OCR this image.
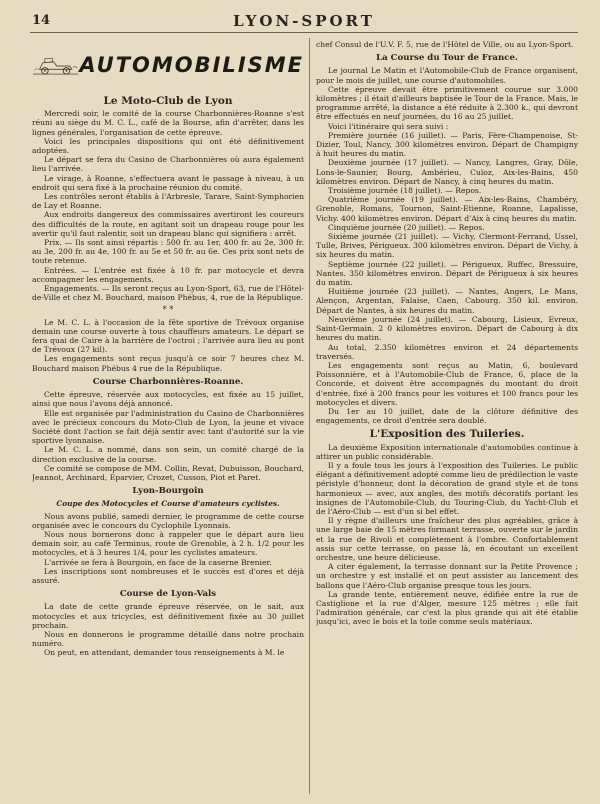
14	LYON-SPORT
AUTOMOBILISME
Le Moto-Club de Lyon

Mercredi soir, le comité de la course Charbonnières-Roanne s'est réuni au siège du M. C. L., café de la Bourse, afin d'arrêter, dans les lignes générales, l'organisation de cette épreuve.

Voici les principales dispositions qui ont été définitivement adoptées.

Le départ se fera du Casino de Charbonnières où aura également lieu l'arrivée.

Le virage, à Roanne, s'effectuera avant le passage à niveau, à un endroit qui sera fixé à la prochaine réunion du comité.

Les contrôles seront établis à l'Arbresle, Tarare, Saint-Symphorien de Lay et Roanne.

Aux endroits dangereux des commissaires avertiront les coureurs des difficultés de la route, en agitant soit un drapeau rouge pour les avertir qu'il faut ralentir, soit un drapeau blanc qui signifiera : arrêt.

Prix. — Ils sont ainsi répartis : 500 fr. au 1er, 400 fr. au 2e, 300 fr. au 3e, 200 fr. au 4e, 100 fr. au 5e et 50 fr. au 6e. Ces prix sont nets de toute retenue.

Entrées. — L'entrée est fixée à 10 fr. par motocycle et devra accompagner les engagements.

Engagements. — Ils seront reçus au Lyon-Sport, 63, rue de l'Hôtel-de-Ville et chez M. Bouchard, maison Phébus, 4, rue de la République.

* *

Le M. C. L. à l'occasion de la fête sportive de Trévoux organise demain une course ouverte à tous chauffeurs amateurs. Le départ se fera quai de Caire à la barrière de l'octroi ; l'arrivée aura lieu au pont de Trévoux (27 kil).

Les engagements sont reçus jusqu'à ce soir 7 heures chez M. Bouchard maison Phébus 4 rue de la République.

Course Charbonnières-Roanne.

Cette épreuve, réservée aux motocycles, est fixée au 15 juillet, ainsi que nous l'avons déjà annoncé.

Elle est organisée par l'administration du Casino de Charbonnières avec le précieux concours du Moto-Club de Lyon, la jeune et vivace Société dont l'action se fait déjà sentir avec tant d'autorité sur la vie sportive lyonnaise.

Le M. C. L. a nommé, dans son sein, un comité chargé de la direction exclusive de la course.

Ce comité se compose de MM. Collin, Revat, Dubuisson, Bouchard, Jeannot, Archinard, Eparvier, Crozet, Cusson, Piot et Paret.

Lyon-Bourgoin

Coupe des Motocycles et Course d'amateurs cyclistes.

Nous avons publié, samedi dernier, le programme de cette course organisée avec le concours du Cyclophile Lyonnais.

Nous nous bornerons donc à rappeler que le départ aura lieu demain soir, au café Terminus, route de Grenoble, à 2 h. 1/2 pour les motocycles, et à 3 heures 1/4, pour les cyclistes amateurs.

L'arrivée se fera à Bourgoin, en face de la caserne Brenier.

Les inscriptions sont nombreuses et le succès est d'ores et déjà assuré.

Course de Lyon-Vals

La date de cette grande épreuve réservée, on le sait, aux motocycles et aux tricycles, est définitivement fixée au 30 juillet prochain.

Nous en donnerons le programme détaillé dans notre prochain numéro.

On peut, en attendant, demander tous renseignements à M. le

chef Consul de l'U.V. F. 5, rue de l'Hôtel de Ville, ou au Lyon-Sport.

La Course du Tour de France.

Le journal Le Matin et l'Automobile-Club de France organisent, pour le mois de juillet, une course d'automobiles.

Cette épreuve devait être primitivement courue sur 3.000 kilomètres ; il était d'ailleurs baptisée le Tour de la France. Mais, le programme arrêté, la distance a été réduite à 2.300 k., qui devront être effectués en neuf journées, du 16 au 25 juillet.

Voici l'itinéraire qui sera suivi :

Première journée (16 juillet). — Paris, Fère-Champenoise, St-Dizier, Toul, Nancy, 300 kilomètres environ. Départ de Champigny à huit heures du matin.

Deuxième journée (17 juillet). — Nancy, Langres, Gray, Dôle, Lons-le-Saunier, Bourg, Ambérieu, Culoz, Aix-les-Bains, 450 kilomètres environ. Départ de Nancy, à cinq heures du matin.

Troisième journée (18 juillet). — Repos.

Quatrième journée (19 juillet). — Aix-les-Bains, Chambéry, Grenoble, Romans, Tournon, Saint-Etienne, Roanne, Lapalisse, Vichy. 400 kilomètres environ. Départ d'Aix à cinq heures du matin.

Cinquième journée (20 juillet). — Repos.

Sixième journée (21 juillet). — Vichy, Clermont-Ferrand, Ussel, Tulle, Brives, Périgueux. 300 kilomètres environ. Départ de Vichy, à six heures du matin.

Septième journée (22 juillet). — Périgueux, Ruffec, Bressuire, Nantes. 350 kilomètres environ. Départ de Périgueux à six heures du matin.

Huitième journée (23 juillet). — Nantes, Angers, Le Mans, Alençon, Argentan, Falaise, Caen, Cabourg. 350 kil. environ. Départ de Nantes, à six heures du matin.

Neuvième journée (24 juillet). — Cabourg, Lisieux, Evreux, Saint-Germain. 2 0 kilomètres environ. Départ de Cabourg à dix heures du matin.

Au total, 2.350 kilomètres environ et 24 départements traversés.

Les engagements sont reçus au Matin, 6, boulevard Poissonnière, et à l'Automobile-Club de France, 6, place de la Concorde, et doivent être accompagnés du montant du droit d'entrée, fixé à 200 francs pour les voitures et 100 francs pour les motocycles et divers.

Du 1er au 10 juillet, date de la clôture définitive des engagements, ce droit d'entrée sera doublé.

L'Exposition des Tuileries.

La deuxième Exposition internationale d'automobiles continue à attirer un public considérable.

Il y a foule tous les jours à l'exposition des Tuileries. Le public élégant a définitivement adopté comme lieu de prédilection le vaste péristyle d'honneur, dont la décoration de grand style et de tons harmonieux — avec, aux angles, des motifs décoratifs portant les insignes de l'Automobile-Club, du Touring-Club, du Yacht-Club et de l'Aéro-Club — est d'un si bel effet.

Il y règne d'ailleurs une fraîcheur des plus agréables, grâce à une large baie de 15 mètres formant terrasse, ouverte sur le jardin et la rue de Rivoli et complètement à l'ombre. Confortablement assis sur cette terrasse, on passe là, en écoutant un excellent orchestre, une heure délicieuse.

A citer également, la terrasse donnant sur la Petite Provence ; un orchestre y est installé et on peut assister au lancement des ballons que l'Aéro-Club organise presque tous les jours.

La grande tente, entièrement neuve, édifiée entre la rue de Castiglione et la rue d'Alger, mesure 125 mètres ; elle fait l'admiration générale, car c'est la plus grande qui ait été établie jusqu'ici, avec le bois et la toile comme seuls matériaux.
